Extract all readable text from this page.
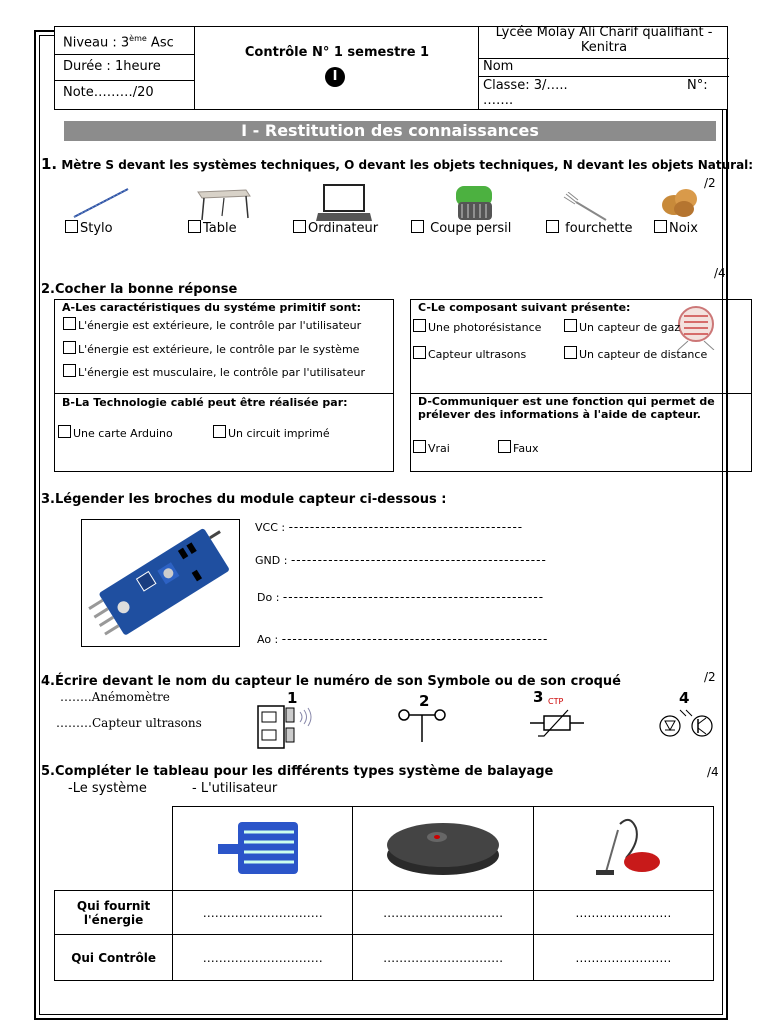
Niveau : 3ème Asc
Durée : 1heure
Note………/20
Contrôle N° 1 semestre 1
I
Lycée Molay Ali Charif qualifiant - Kenitra
Nom
Classe: 3/…..	N°:
…….
I - Restitution des connaissances
1. Mètre S devant les systèmes techniques, O devant les objets techniques, N devant les objets Natural:
/2
Stylo	Table	Ordinateur	Coupe persil	fourchette	Noix
/4
2.Cocher la bonne réponse
A-Les caractéristiques du systéme primitif sont:
L'énergie est extérieure, le contrôle par l'utilisateur
L'énergie est extérieure, le contrôle par le système
L'énergie est musculaire, le contrôle par l'utilisateur
B-La Technologie cablé peut être réalisée par:
Une carte Arduino	Un circuit imprimé
C-Le composant suivant présente:
Une photorésistance	Un capteur de gaz
Capteur ultrasons	Un capteur de distance
D-Communiquer est une fonction qui permet de prélever des informations à l'aide de capteur.
Vrai	Faux
3.Légender les broches du module capteur ci-dessous :
VCC : --------------------------------------------
GND : ------------------------------------------------
Do : -------------------------------------------------
Ao : --------------------------------------------------
4.Écrire devant le nom du capteur le numéro de son Symbole ou de son croqué	/2
……..Anémomètre
………Capteur ultrasons
1	2	3 CTP	4
5.Compléter le tableau pour les différents types système de balayage	/4
-Le système	- L'utilisateur

Qui fournit l'énergie	…………………………	…………………………	……………………
Qui Contrôle	…………………………	…………………………	……………………
